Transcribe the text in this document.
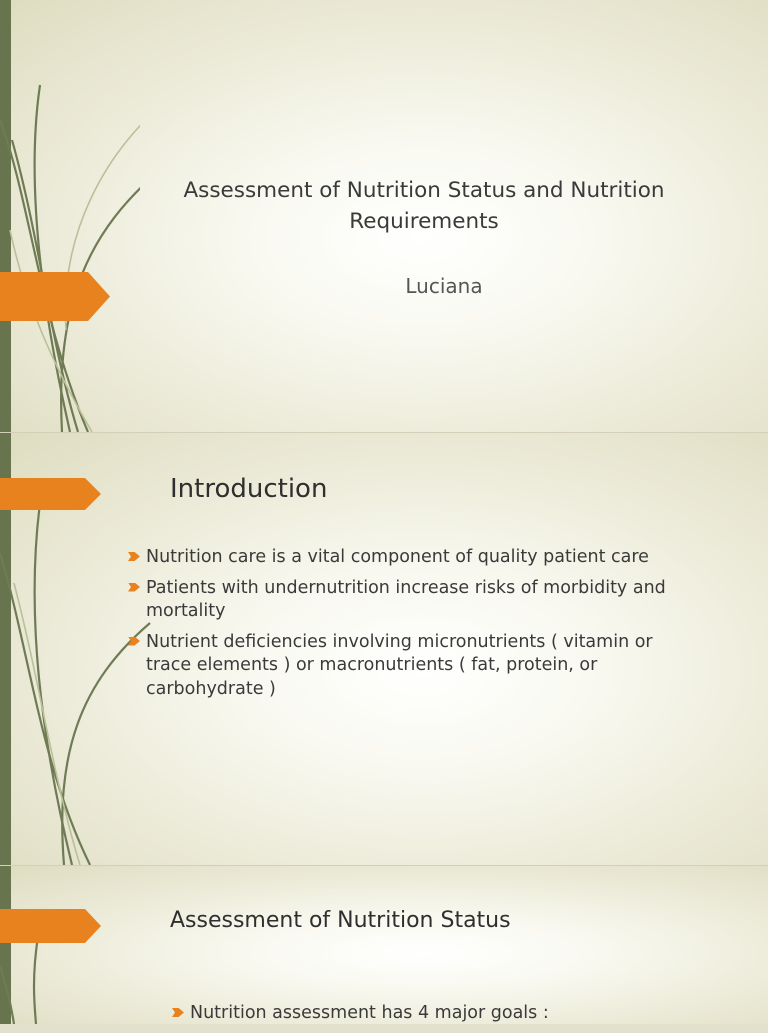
Assessment of Nutrition Status and Nutrition Requirements
Luciana
Introduction
Nutrition care is a vital component of quality patient care
Patients with undernutrition increase risks of morbidity and mortality
Nutrient deficiencies involving micronutrients ( vitamin or trace elements ) or macronutrients ( fat, protein, or carbohydrate )
Assessment of Nutrition Status
Nutrition assessment has 4 major goals :
